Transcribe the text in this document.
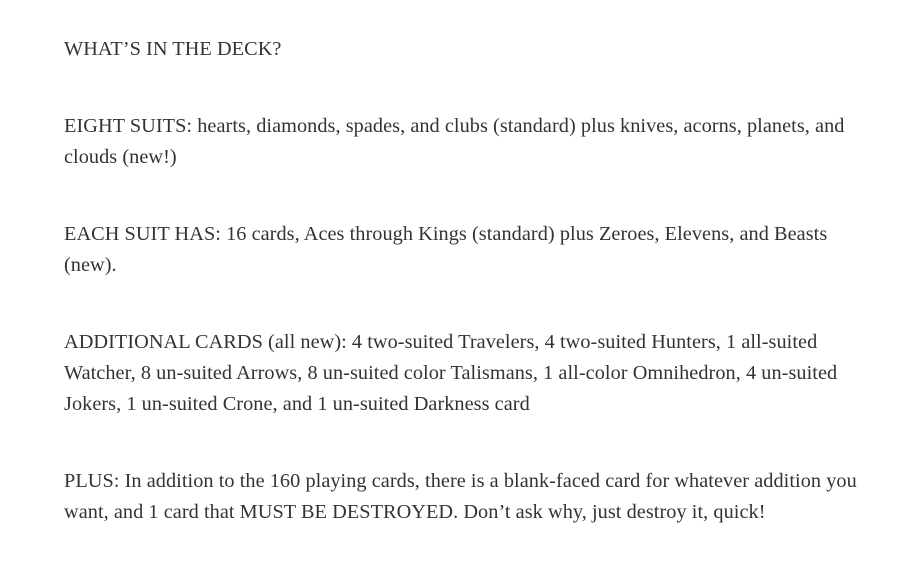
WHAT’S IN THE DECK?

EIGHT SUITS: hearts, diamonds, spades, and clubs (standard) plus knives, acorns, planets, and clouds (new!)

EACH SUIT HAS: 16 cards, Aces through Kings (standard) plus Zeroes, Elevens, and Beasts (new).

ADDITIONAL CARDS (all new): 4 two-suited Travelers, 4 two-suited Hunters, 1 all-suited Watcher, 8 un-suited Arrows, 8 un-suited color Talismans, 1 all-color Omnihedron, 4 un-suited Jokers, 1 un-suited Crone, and 1 un-suited Darkness card

PLUS: In addition to the 160 playing cards, there is a blank-faced card for whatever addition you want, and 1 card that MUST BE DESTROYED. Don’t ask why, just destroy it, quick!
